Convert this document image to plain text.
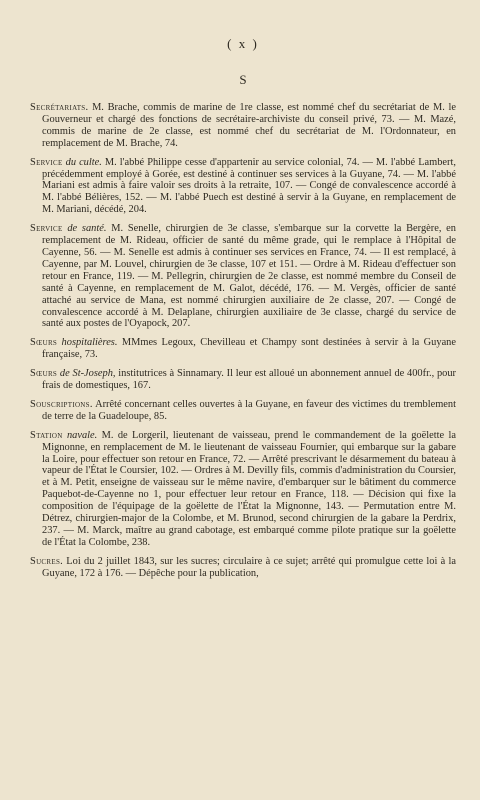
( x )
S

Secrétariats. M. Brache, commis de marine de 1re classe, est nommé chef du secrétariat de M. le Gouverneur et chargé des fonctions de secrétaire-archiviste du conseil privé, 73. — M. Mazé, commis de marine de 2e classe, est nommé chef du secrétariat de M. l'Ordonnateur, en remplacement de M. Brache, 74.

Service du culte. M. l'abbé Philippe cesse d'appartenir au service colonial, 74. — M. l'abbé Lambert, précédemment employé à Gorée, est destiné à continuer ses services à la Guyane, 74. — M. l'abbé Mariani est admis à faire valoir ses droits à la retraite, 107. — Congé de convalescence accordé à M. l'abbé Bélières, 152. — M. l'abbé Puech est destiné à servir à la Guyane, en remplacement de M. Mariani, décédé, 204.

Service de santé. M. Senelle, chirurgien de 3e classe, s'embarque sur la corvette la Bergère, en remplacement de M. Rideau, officier de santé du même grade, qui le remplace à l'Hôpital de Cayenne, 56. — M. Senelle est admis à continuer ses services en France, 74. — Il est remplacé, à Cayenne, par M. Louvel, chirurgien de 3e classe, 107 et 151. — Ordre à M. Rideau d'effectuer son retour en France, 119. — M. Pellegrin, chirurgien de 2e classe, est nommé membre du Conseil de santé à Cayenne, en remplacement de M. Galot, décédé, 176. — M. Vergès, officier de santé attaché au service de Mana, est nommé chirurgien auxiliaire de 2e classe, 207. — Congé de convalescence accordé à M. Delaplane, chirurgien auxiliaire de 3e classe, chargé du service de santé aux postes de l'Oyapock, 207.

Sœurs hospitalières. MMmes Legoux, Chevilleau et Champy sont destinées à servir à la Guyane française, 73.

Sœurs de St-Joseph, institutrices à Sinnamary. Il leur est alloué un abonnement annuel de 400fr., pour frais de domestiques, 167.

Souscriptions. Arrêté concernant celles ouvertes à la Guyane, en faveur des victimes du tremblement de terre de la Guadeloupe, 85.

Station navale. M. de Lorgeril, lieutenant de vaisseau, prend le commandement de la goëlette la Mignonne, en remplacement de M. le lieutenant de vaisseau Fournier, qui embarque sur la gabare la Loire, pour effectuer son retour en France, 72. — Arrêté prescrivant le désarmement du bateau à vapeur de l'État le Coursier, 102. — Ordres à M. Devilly fils, commis d'administration du Coursier, et à M. Petit, enseigne de vaisseau sur le même navire, d'embarquer sur le bâtiment du commerce Paquebot-de-Cayenne no 1, pour effectuer leur retour en France, 118. — Décision qui fixe la composition de l'équipage de la goëlette de l'État la Mignonne, 143. — Permutation entre M. Détrez, chirurgien-major de la Colombe, et M. Brunod, second chirurgien de la gabare la Perdrix, 237. — M. Marck, maître au grand cabotage, est embarqué comme pilote pratique sur la goëlette de l'État la Colombe, 238.

Sucres. Loi du 2 juillet 1843, sur les sucres; circulaire à ce sujet; arrêté qui promulgue cette loi à la Guyane, 172 à 176. — Dépêche pour la publication,
